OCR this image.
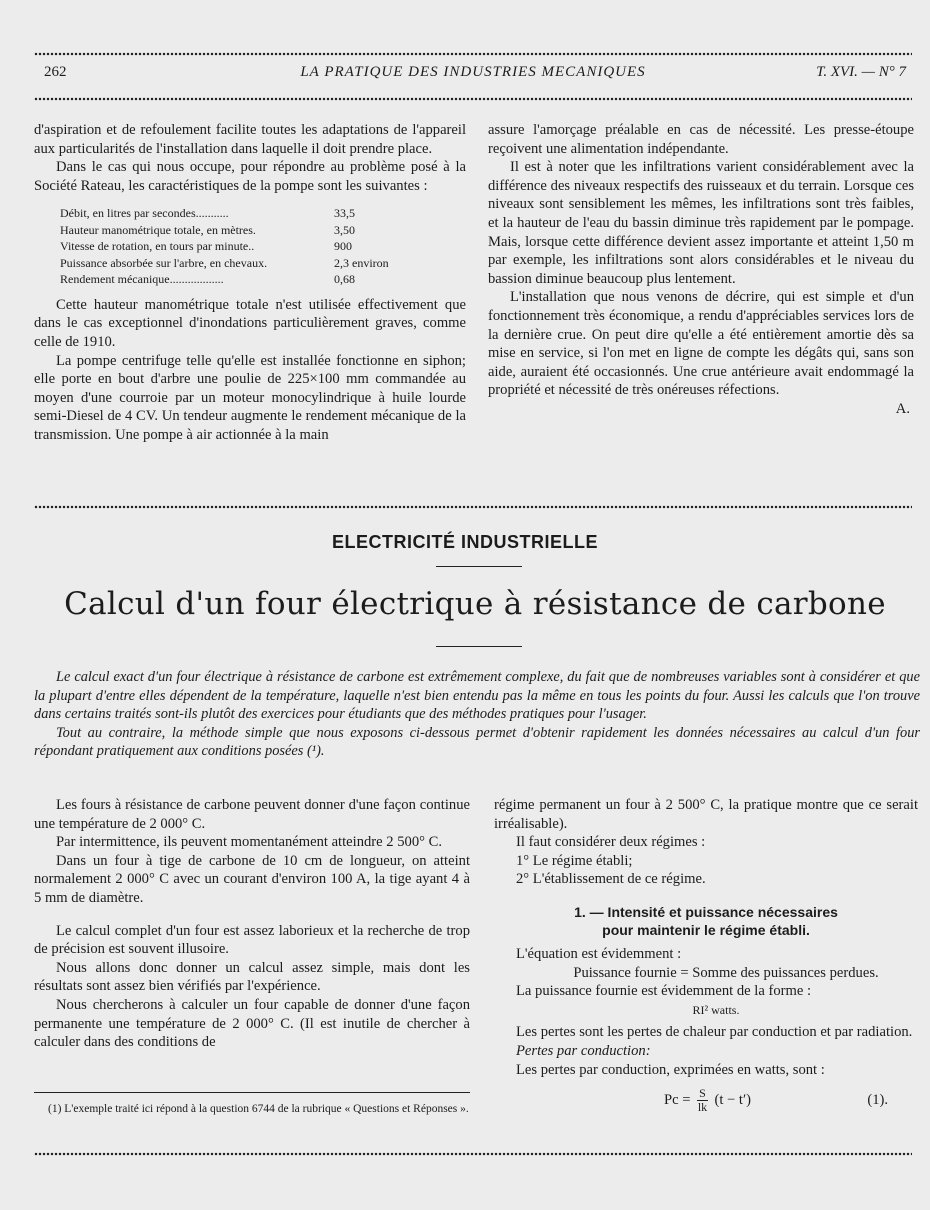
262	LA PRATIQUE DES INDUSTRIES MECANIQUES	T. XVI. — N° 7

d'aspiration et de refoulement facilite toutes les adaptations de l'appareil aux particularités de l'installation dans laquelle il doit prendre place.

Dans le cas qui nous occupe, pour répondre au problème posé à la Société Rateau, les caractéristiques de la pompe sont les suivantes :

Débit, en litres par secondes...........	33,5
Hauteur manométrique totale, en mètres.	3,50
Vitesse de rotation, en tours par minute..	900
Puissance absorbée sur l'arbre, en chevaux.	2,3 environ
Rendement mécanique..................	0,68

Cette hauteur manométrique totale n'est utilisée effectivement que dans le cas exceptionnel d'inondations particulièrement graves, comme celle de 1910.

La pompe centrifuge telle qu'elle est installée fonctionne en siphon; elle porte en bout d'arbre une poulie de 225×100 mm commandée au moyen d'une courroie par un moteur monocylindrique à huile lourde semi-Diesel de 4 CV. Un tendeur augmente le rendement mécanique de la transmission. Une pompe à air actionnée à la main

assure l'amorçage préalable en cas de nécessité. Les presse-étoupe reçoivent une alimentation indépendante.

Il est à noter que les infiltrations varient considérablement avec la différence des niveaux respectifs des ruisseaux et du terrain. Lorsque ces niveaux sont sensiblement les mêmes, les infiltrations sont très faibles, et la hauteur de l'eau du bassin diminue très rapidement par le pompage. Mais, lorsque cette différence devient assez importante et atteint 1,50 m par exemple, les infiltrations sont alors considérables et le niveau du bassion diminue beaucoup plus lentement.

L'installation que nous venons de décrire, qui est simple et d'un fonctionnement très économique, a rendu d'appréciables services lors de la dernière crue. On peut dire qu'elle a été entièrement amortie dès sa mise en service, si l'on met en ligne de compte les dégâts qui, sans son aide, auraient été occasionnés. Une crue antérieure avait endommagé la propriété et nécessité de très onéreuses réfections.

A.

ELECTRICITÉ INDUSTRIELLE
Calcul d'un four électrique à résistance de carbone

Le calcul exact d'un four électrique à résistance de carbone est extrêmement complexe, du fait que de nombreuses variables sont à considérer et que la plupart d'entre elles dépendent de la température, laquelle n'est bien entendu pas la même en tous les points du four. Aussi les calculs que l'on trouve dans certains traités sont-ils plutôt des exercices pour étudiants que des méthodes pratiques pour l'usager.

Tout au contraire, la méthode simple que nous exposons ci-dessous permet d'obtenir rapidement les données nécessaires au calcul d'un four répondant pratiquement aux conditions posées (¹).

Les fours à résistance de carbone peuvent donner d'une façon continue une température de 2 000° C.

Par intermittence, ils peuvent momentanément atteindre 2 500° C.

Dans un four à tige de carbone de 10 cm de longueur, on atteint normalement 2 000° C avec un courant d'environ 100 A, la tige ayant 4 à 5 mm de diamètre.

Le calcul complet d'un four est assez laborieux et la recherche de trop de précision est souvent illusoire.

Nous allons donc donner un calcul assez simple, mais dont les résultats sont assez bien vérifiés par l'expérience.

Nous chercherons à calculer un four capable de donner d'une façon permanente une température de 2 000° C. (Il est inutile de chercher à calculer dans des conditions de

(1) L'exemple traité ici répond à la question 6744 de la rubrique « Questions et Réponses ».

régime permanent un four à 2 500° C, la pratique montre que ce serait irréalisable).

Il faut considérer deux régimes :

1° Le régime établi;

2° L'établissement de ce régime.

1. — Intensité et puissance nécessaires
pour maintenir le régime établi.

L'équation est évidemment :

Puissance fournie = Somme des puissances perdues.

La puissance fournie est évidemment de la forme :

RI² watts.

Les pertes sont les pertes de chaleur par conduction et par radiation.

Pertes par conduction:

Les pertes par conduction, exprimées en watts, sont :

$Pc = \frac{S}{lk} (t - t')$	(1).
